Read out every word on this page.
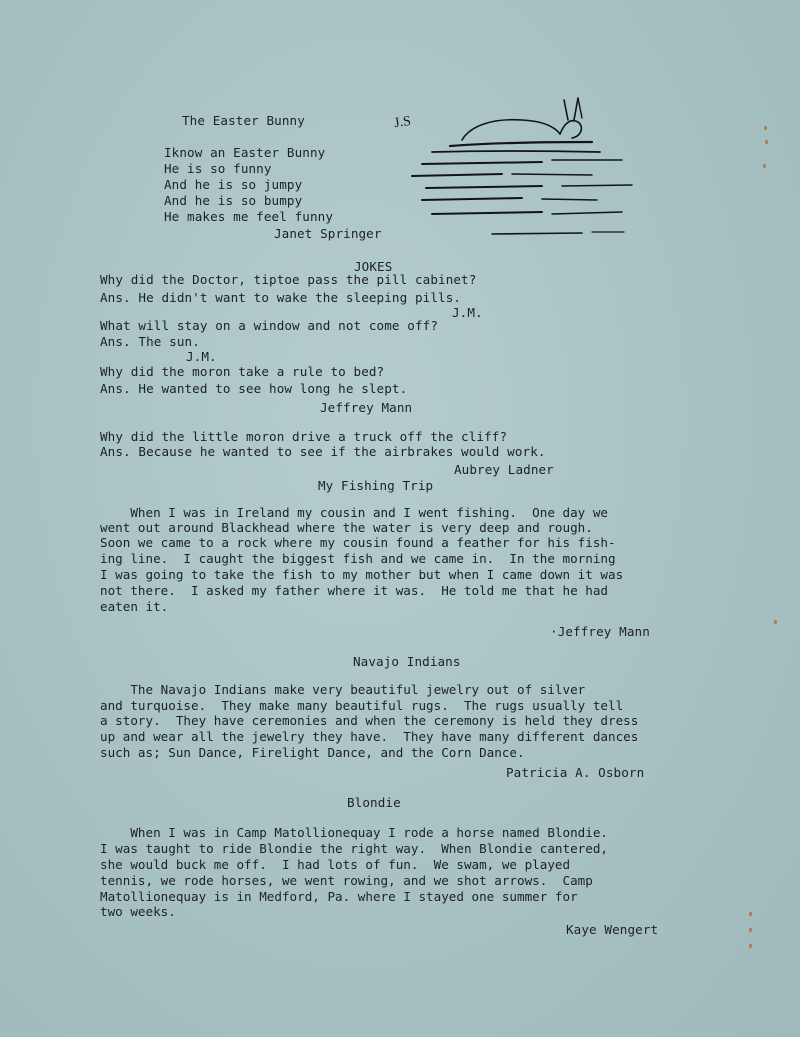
The Easter Bunny
Iknow an Easter Bunny
He is so funny
And he is so jumpy
And he is so bumpy
He makes me feel funny
Janet Springer
J.S
JOKES
Why did the Doctor, tiptoe pass the pill cabinet?
Ans. He didn't want to wake the sleeping pills.
J.M.
What will stay on a window and not come off?
Ans. The sun.
J.M.
Why did the moron take a rule to bed?
Ans. He wanted to see how long he slept.
Jeffrey Mann
Why did the little moron drive a truck off the cliff?
Ans. Because he wanted to see if the airbrakes would work.
Aubrey Ladner
My Fishing Trip
When I was in Ireland my cousin and I went fishing.  One day we
went out around Blackhead where the water is very deep and rough.
Soon we came to a rock where my cousin found a feather for his fish-
ing line.  I caught the biggest fish and we came in.  In the morning
I was going to take the fish to my mother but when I came down it was
not there.  I asked my father where it was.  He told me that he had
eaten it.
·Jeffrey Mann
Navajo Indians
The Navajo Indians make very beautiful jewelry out of silver
and turquoise.  They make many beautiful rugs.  The rugs usually tell
a story.  They have ceremonies and when the ceremony is held they dress
up and wear all the jewelry they have.  They have many different dances
such as; Sun Dance, Firelight Dance, and the Corn Dance.
Patricia A. Osborn
Blondie
When I was in Camp Matollionequay I rode a horse named Blondie.
I was taught to ride Blondie the right way.  When Blondie cantered,
she would buck me off.  I had lots of fun.  We swam, we played
tennis, we rode horses, we went rowing, and we shot arrows.  Camp
Matollionequay is in Medford, Pa. where I stayed one summer for
two weeks.
Kaye Wengert
